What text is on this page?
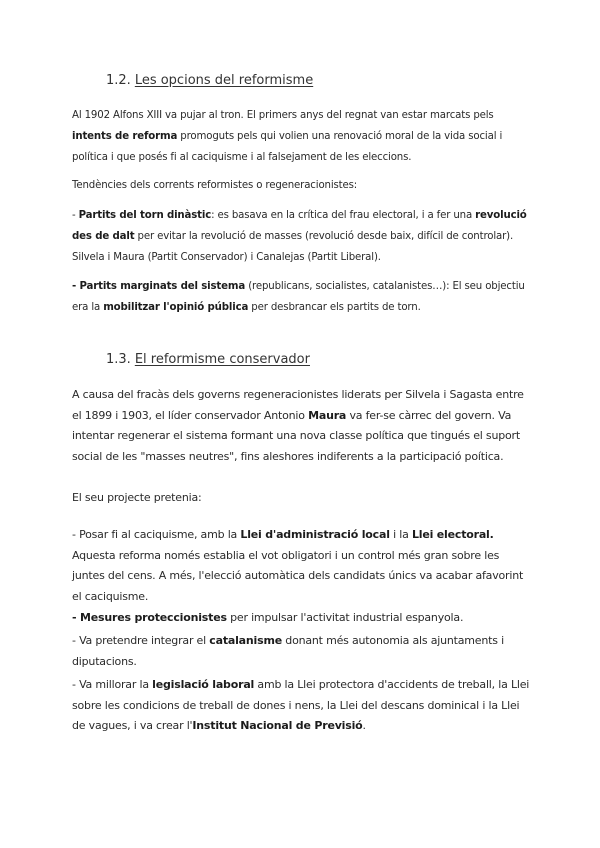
1.2. Les opcions del reformisme

Al 1902 Alfons XIII va pujar al tron. El primers anys del regnat van estar marcats pels intents de reforma promoguts pels qui volien una renovació moral de la vida social i política i que posés fi al caciquisme i al falsejament de les eleccions.

Tendències dels corrents reformistes o regeneracionistes:

- Partits del torn dinàstic: es basava en la crítica del frau electoral, i a fer una revolució des de dalt per evitar la revolució de masses (revolució desde baix, difícil de controlar). Silvela i Maura (Partit Conservador) i Canalejas (Partit Liberal).

- Partits marginats del sistema (republicans, socialistes, catalanistes…): El seu objectiu era la mobilitzar l'opinió pública per desbrancar els partits de torn.

1.3. El reformisme conservador

A causa del fracàs dels governs regeneracionistes liderats per Silvela i Sagasta entre el 1899 i 1903, el líder conservador Antonio Maura va fer-se càrrec del govern. Va intentar regenerar el sistema formant una nova classe política que tingués el suport social de les "masses neutres", fins aleshores indiferents a la participació poítica.

El seu projecte pretenia:

- Posar fi al caciquisme, amb la Llei d'administració local i la Llei electoral. Aquesta reforma només establia el vot obligatori i un control més gran sobre les juntes del cens. A més, l'elecció automàtica dels candidats únics va acabar afavorint el caciquisme.

- Mesures proteccionistes per impulsar l'activitat industrial espanyola.

- Va pretendre integrar el catalanisme donant més autonomia als ajuntaments i diputacions.

- Va millorar la legislació laboral amb la Llei protectora d'accidents de treball, la Llei sobre les condicions de treball de dones i nens, la Llei del descans dominical i la Llei de vagues, i va crear l'Institut Nacional de Previsió.
